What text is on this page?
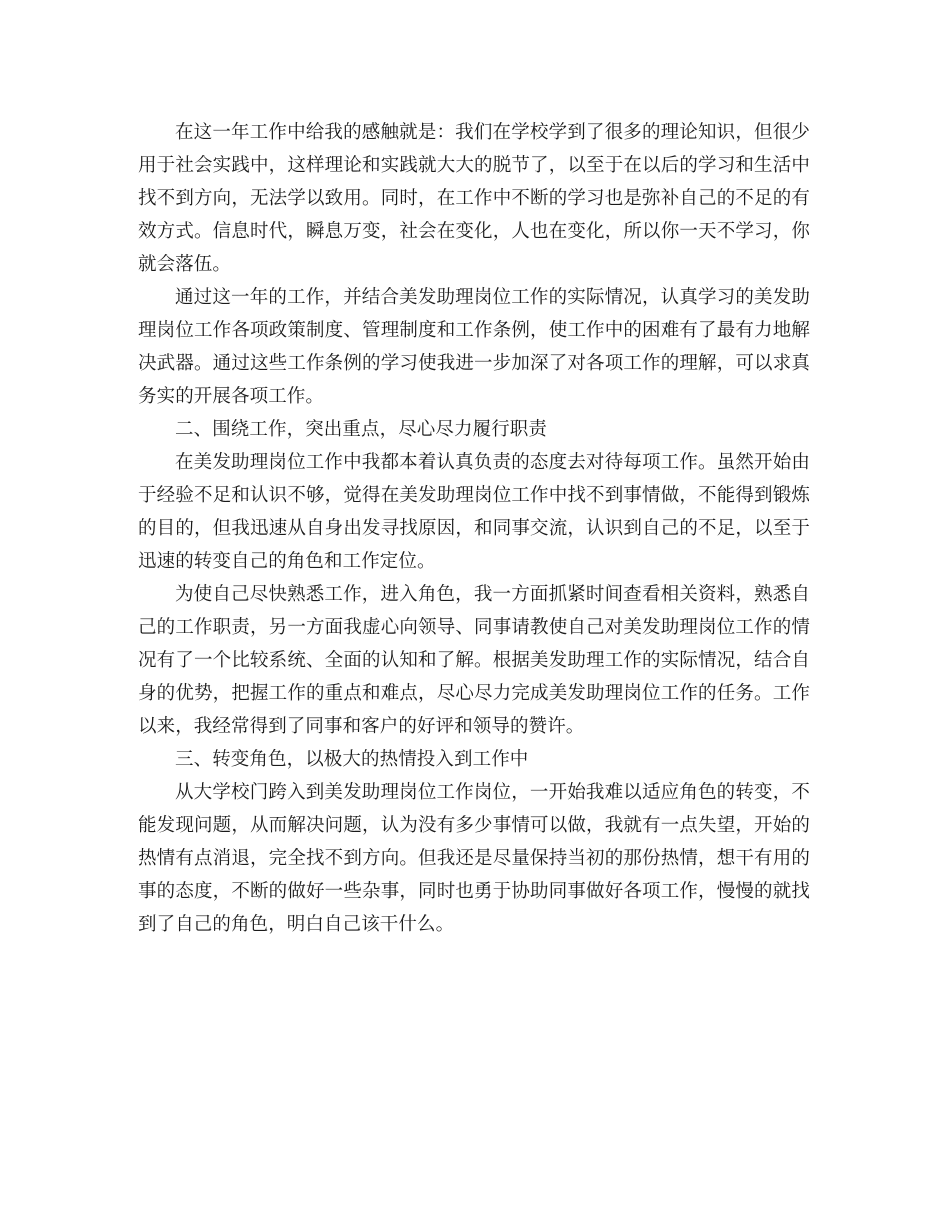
在这一年工作中给我的感触就是：我们在学校学到了很多的理论知识，但很少用于社会实践中，这样理论和实践就大大的脱节了，以至于在以后的学习和生活中找不到方向，无法学以致用。同时，在工作中不断的学习也是弥补自己的不足的有效方式。信息时代，瞬息万变，社会在变化，人也在变化，所以你一天不学习，你就会落伍。

通过这一年的工作，并结合美发助理岗位工作的实际情况，认真学习的美发助理岗位工作各项政策制度、管理制度和工作条例，使工作中的困难有了最有力地解决武器。通过这些工作条例的学习使我进一步加深了对各项工作的理解，可以求真务实的开展各项工作。

二、围绕工作，突出重点，尽心尽力履行职责

在美发助理岗位工作中我都本着认真负责的态度去对待每项工作。虽然开始由于经验不足和认识不够，觉得在美发助理岗位工作中找不到事情做，不能得到锻炼的目的，但我迅速从自身出发寻找原因，和同事交流，认识到自己的不足，以至于迅速的转变自己的角色和工作定位。

为使自己尽快熟悉工作，进入角色，我一方面抓紧时间查看相关资料，熟悉自己的工作职责，另一方面我虚心向领导、同事请教使自己对美发助理岗位工作的情况有了一个比较系统、全面的认知和了解。根据美发助理工作的实际情况，结合自身的优势，把握工作的重点和难点，尽心尽力完成美发助理岗位工作的任务。工作以来，我经常得到了同事和客户的好评和领导的赞许。

三、转变角色，以极大的热情投入到工作中

从大学校门跨入到美发助理岗位工作岗位，一开始我难以适应角色的转变，不能发现问题，从而解决问题，认为没有多少事情可以做，我就有一点失望，开始的热情有点消退，完全找不到方向。但我还是尽量保持当初的那份热情，想干有用的事的态度，不断的做好一些杂事，同时也勇于协助同事做好各项工作，慢慢的就找到了自己的角色，明白自己该干什么。
